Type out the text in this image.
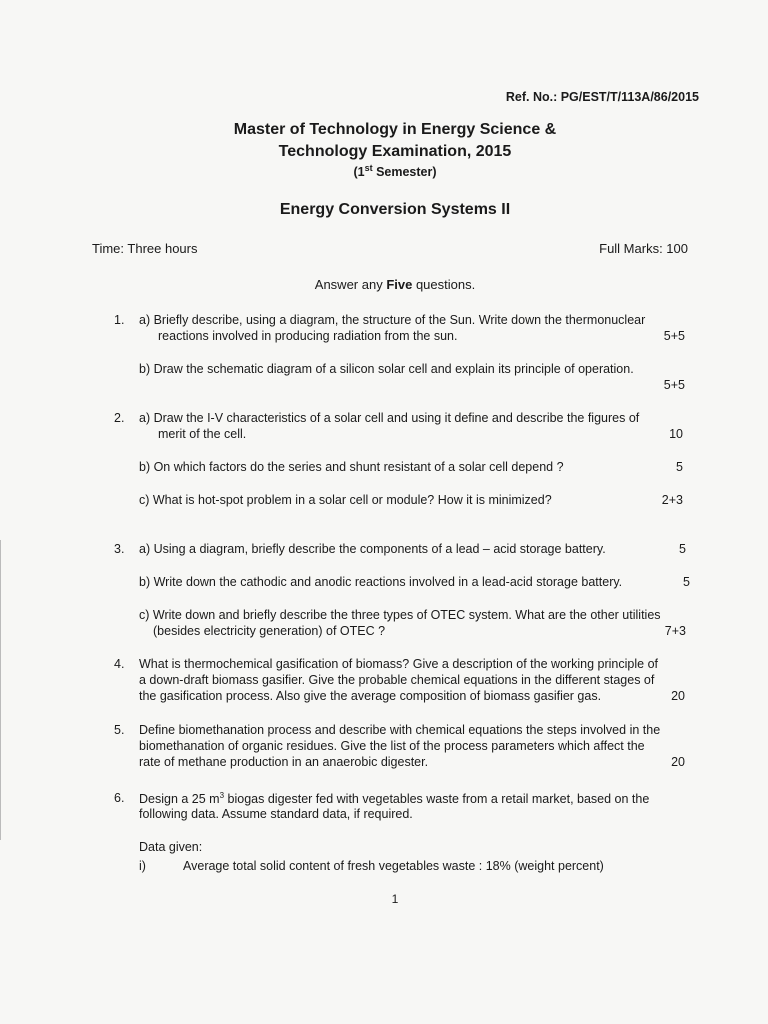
Ref. No.: PG/EST/T/113A/86/2015
Master of Technology in Energy Science &
Technology Examination, 2015
(1st Semester)
Energy Conversion Systems II
Time: Three hours	Full Marks: 100
Answer any Five questions.
1. a) Briefly describe, using a diagram, the structure of the Sun. Write down the thermonuclear
reactions involved in producing radiation from the sun.	5+5
b) Draw the schematic diagram of a silicon solar cell and explain its principle of operation.
5+5
2. a) Draw the I-V characteristics of a solar cell and using it define and describe the figures of
merit of the cell.	10
b) On which factors do the series and shunt resistant of a solar cell depend ?	5
c) What is hot-spot problem in a solar cell or module? How it is minimized?	2+3
3. a) Using a diagram, briefly describe the components of a lead – acid storage battery.	5
b) Write down the cathodic and anodic reactions involved in a lead-acid storage battery.	5
c) Write down and briefly describe the three types of OTEC system. What are the other utilities
(besides electricity generation) of OTEC ?	7+3
4. What is thermochemical gasification of biomass? Give a description of the working principle of
a down-draft biomass gasifier. Give the probable chemical equations in the different stages of
the gasification process. Also give the average composition of biomass gasifier gas.	20
5. Define biomethanation process and describe with chemical equations the steps involved in the
biomethanation of organic residues. Give the list of the process parameters which affect the
rate of methane production in an anaerobic digester.	20
6. Design a 25 $m^3$ biogas digester fed with vegetables waste from a retail market, based on the
following data. Assume standard data, if required.
Data given:
i)	Average total solid content of fresh vegetables waste : 18% (weight percent)
1
